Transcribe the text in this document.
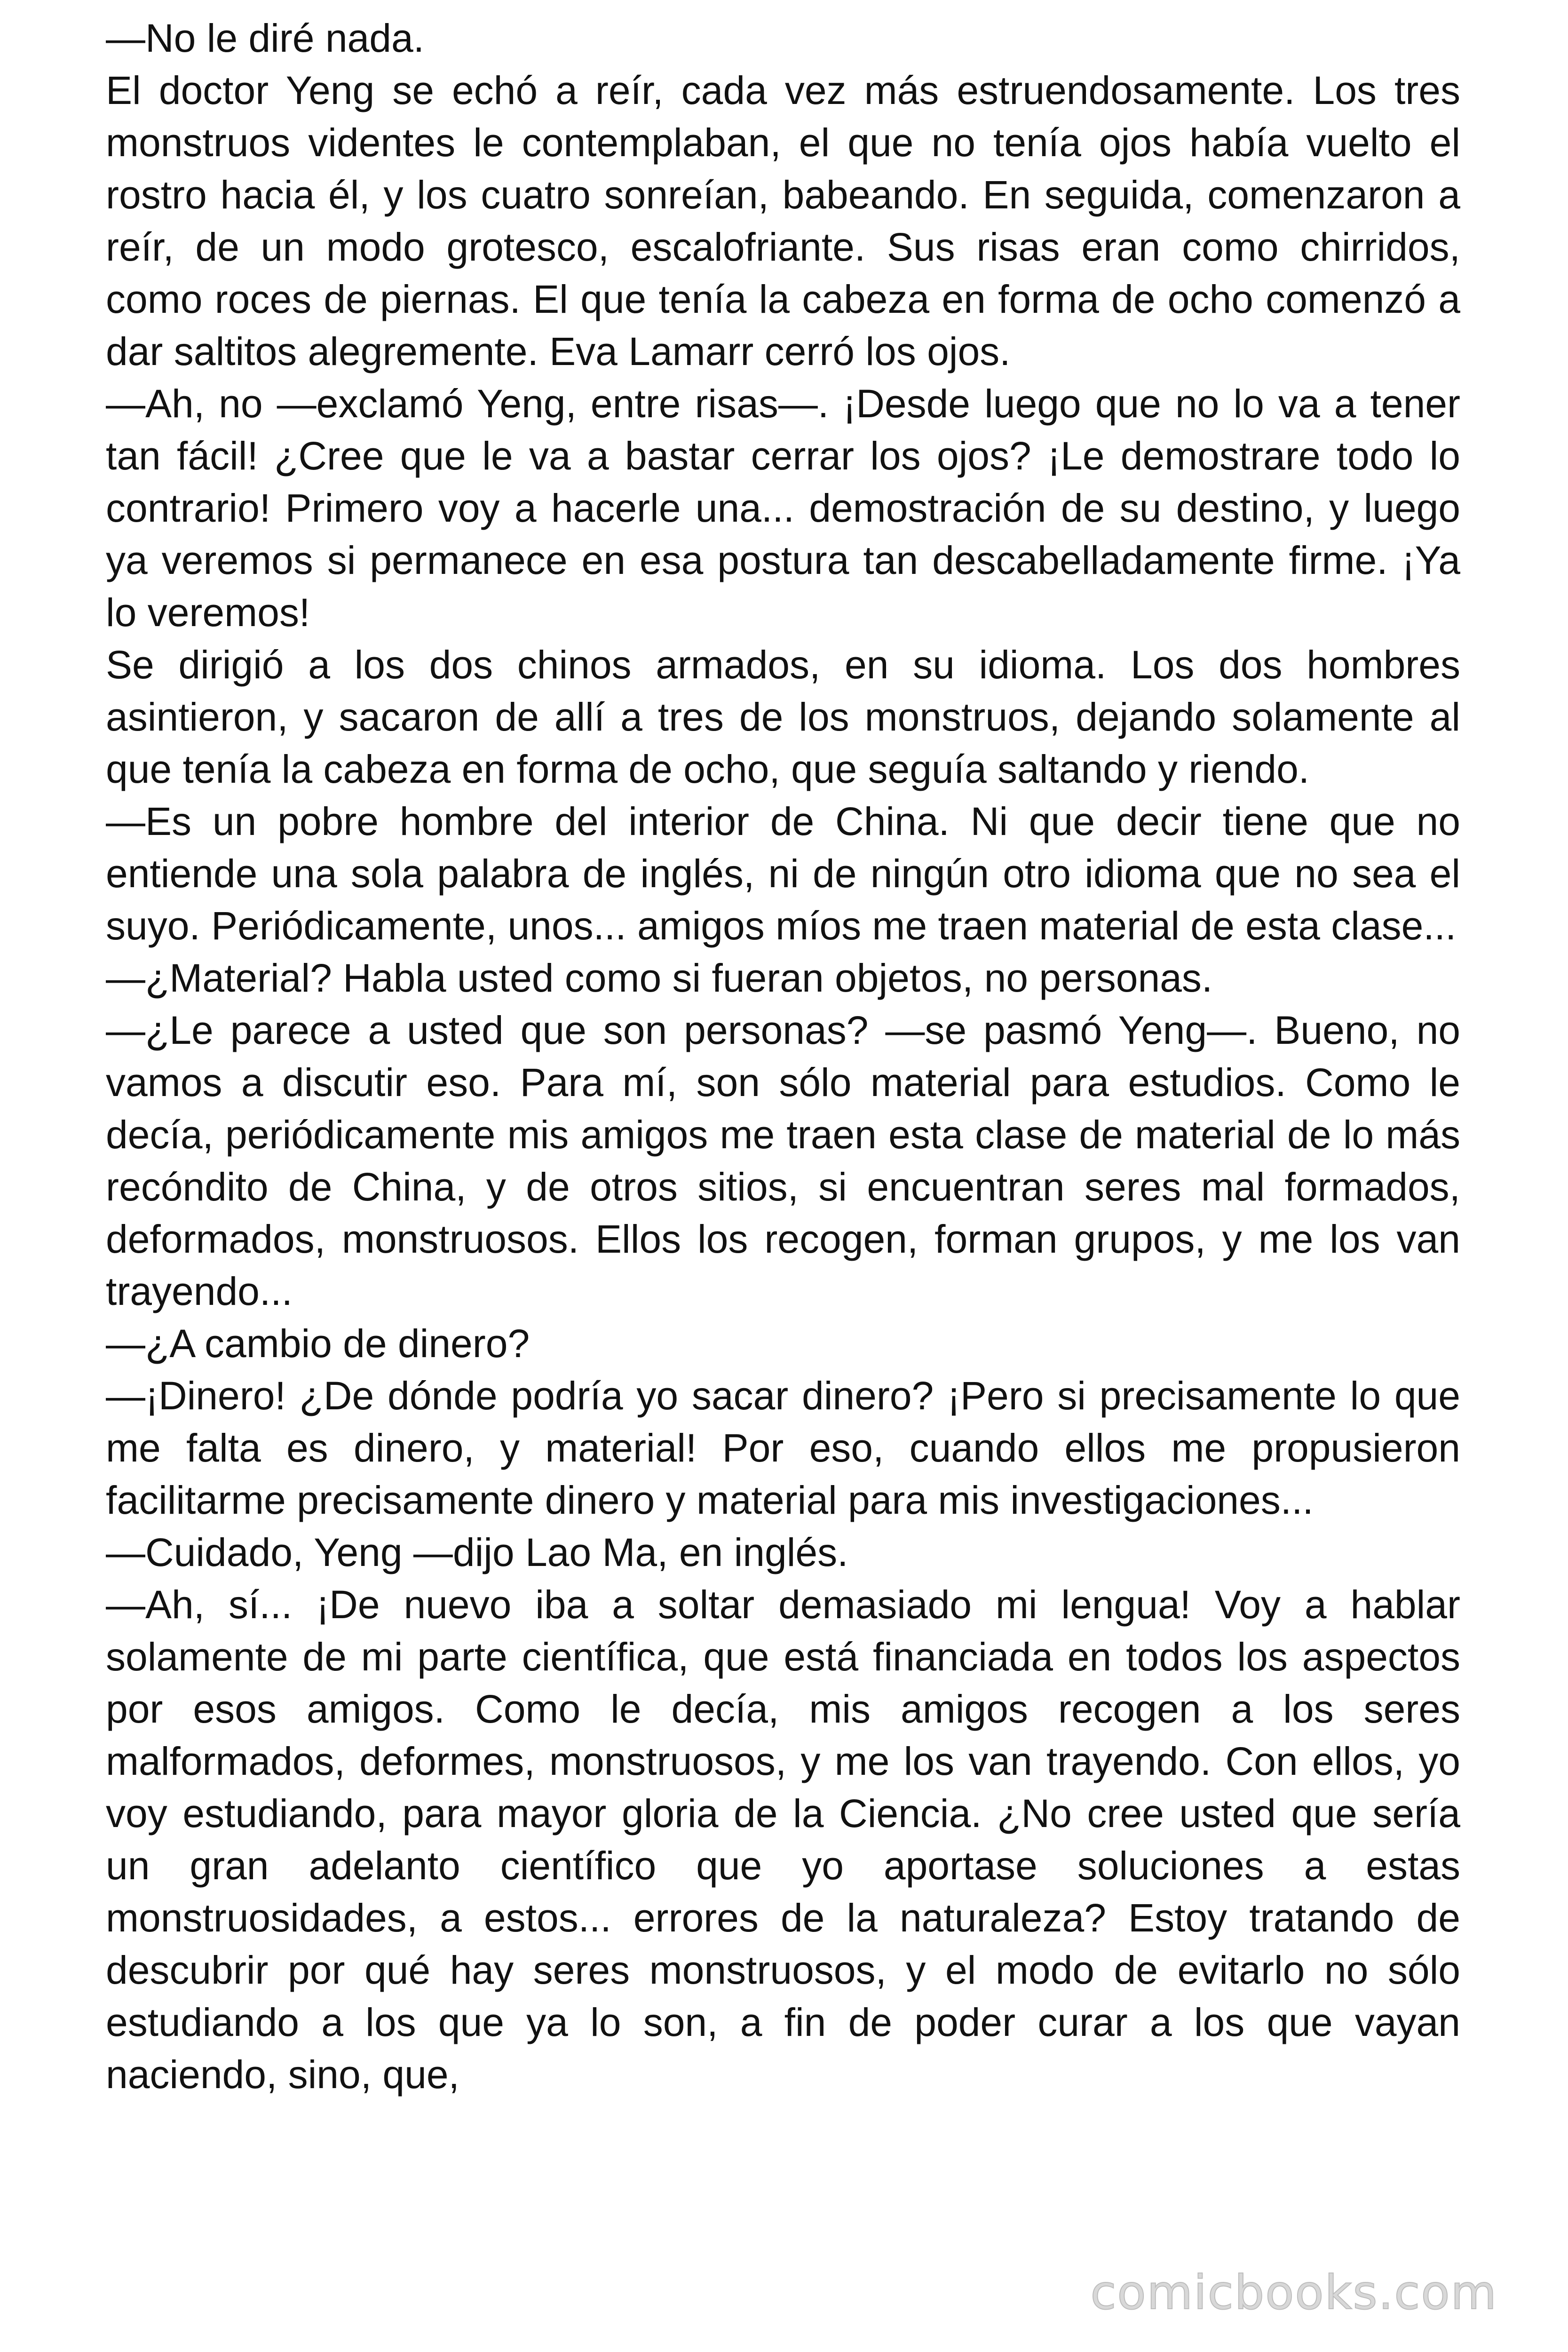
—No le diré nada.

El doctor Yeng se echó a reír, cada vez más estruendosamente. Los tres monstruos videntes le contemplaban, el que no tenía ojos había vuelto el rostro hacia él, y los cuatro sonreían, babeando. En seguida, comenzaron a reír, de un modo grotesco, escalofriante. Sus risas eran como chirridos, como roces de piernas. El que tenía la cabeza en forma de ocho comenzó a dar saltitos alegremente. Eva Lamarr cerró los ojos.

—Ah, no —exclamó Yeng, entre risas—. ¡Desde luego que no lo va a tener tan fácil! ¿Cree que le va a bastar cerrar los ojos? ¡Le demostrare todo lo contrario! Primero voy a hacerle una... demostración de su destino, y luego ya veremos si permanece en esa postura tan descabelladamente firme. ¡Ya lo veremos!

Se dirigió a los dos chinos armados, en su idioma. Los dos hombres asintieron, y sacaron de allí a tres de los monstruos, dejando solamente al que tenía la cabeza en forma de ocho, que seguía saltando y riendo.

—Es un pobre hombre del interior de China. Ni que decir tiene que no entiende una sola palabra de inglés, ni de ningún otro idioma que no sea el suyo. Periódicamente, unos... amigos míos me traen material de esta clase...

—¿Material? Habla usted como si fueran objetos, no personas.

—¿Le parece a usted que son personas? —se pasmó Yeng—. Bueno, no vamos a discutir eso. Para mí, son sólo material para estudios. Como le decía, periódicamente mis amigos me traen esta clase de material de lo más recóndito de China, y de otros sitios, si encuentran seres mal formados, deformados, monstruosos. Ellos los recogen, forman grupos, y me los van trayendo...

—¿A cambio de dinero?

—¡Dinero! ¿De dónde podría yo sacar dinero? ¡Pero si precisamente lo que me falta es dinero, y material! Por eso, cuando ellos me propusieron facilitarme precisamente dinero y material para mis investigaciones...

—Cuidado, Yeng —dijo Lao Ma, en inglés.

—Ah, sí... ¡De nuevo iba a soltar demasiado mi lengua! Voy a hablar solamente de mi parte científica, que está financiada en todos los aspectos por esos amigos. Como le decía, mis amigos recogen a los seres malformados, deformes, monstruosos, y me los van trayendo. Con ellos, yo voy estudiando, para mayor gloria de la Ciencia. ¿No cree usted que sería un gran adelanto científico que yo aportase soluciones a estas monstruosidades, a estos... errores de la naturaleza? Estoy tratando de descubrir por qué hay seres monstruosos, y el modo de evitarlo no sólo estudiando a los que ya lo son, a fin de poder curar a los que vayan naciendo, sino, que,

comicbooks.com
